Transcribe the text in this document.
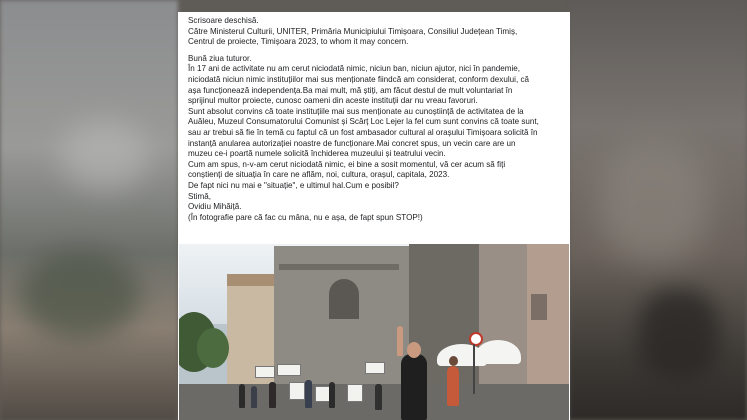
Scrisoare deschisă.

Către Ministerul Culturii, UNITER, Primăria Municipiului Timișoara, Consiliul Județean Timiș,

Centrul de proiecte, Timișoara 2023, to whom it may concern.

Bună ziua tuturor.

În 17 ani de activitate nu am cerut niciodată nimic, niciun ban, niciun ajutor, nici în pandemie,

niciodată niciun nimic instituțiilor mai sus menționate fiindcă am considerat, conform dexului, că

așa funcționează independența.Ba mai mult, mă știți, am făcut destul de mult voluntariat în

sprijinul multor proiecte, cunosc oameni din aceste instituții dar nu vreau favoruri.

Sunt absolut convins că toate instituțiile mai sus menționate au cunoștiință de activitatea de la

Auăleu, Muzeul Consumatorului Comunist și Scârț Loc Lejer la fel cum sunt convins că toate sunt,

sau ar trebui să fie în temă cu faptul că un fost ambasador cultural al orașului Timișoara solicită în

instanță anularea autorizației noastre de funcționare.Mai concret spus, un vecin care are un

muzeu ce-i poartă numele solicită închiderea muzeului și teatrului vecin.

Cum am spus, n-v-am cerut niciodată nimic, ei bine a sosit momentul, vă cer acum să fiți

conștienți de situația în care ne aflăm, noi, cultura, orașul, capitala, 2023.

De fapt nici nu mai e "situație", e ultimul hal.Cum e posibil?

Stimă,

Ovidiu Mihăiță.

(În fotografie pare că fac cu mâna, nu e așa, de fapt spun STOP!)
